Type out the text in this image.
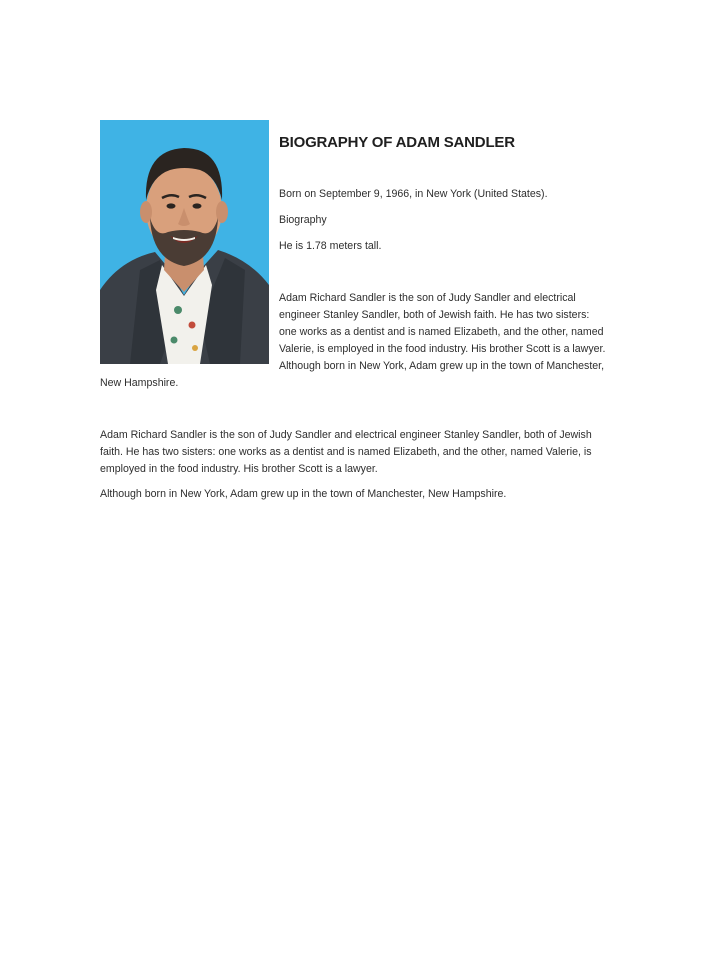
BIOGRAPHY OF ADAM SANDLER

Born on September 9, 1966, in New York (United States).

Biography

He is 1.78 meters tall.

Adam Richard Sandler is the son of Judy Sandler and electrical engineer Stanley Sandler, both of Jewish faith. He has two sisters: one works as a dentist and is named Elizabeth, and the other, named Valerie, is employed in the food industry. His brother Scott is a lawyer. Although born in New York, Adam grew up in the town of Manchester, New Hampshire.

Adam Richard Sandler is the son of Judy Sandler and electrical engineer Stanley Sandler, both of Jewish faith. He has two sisters: one works as a dentist and is named Elizabeth, and the other, named Valerie, is employed in the food industry. His brother Scott is a lawyer.

Although born in New York, Adam grew up in the town of Manchester, New Hampshire.
